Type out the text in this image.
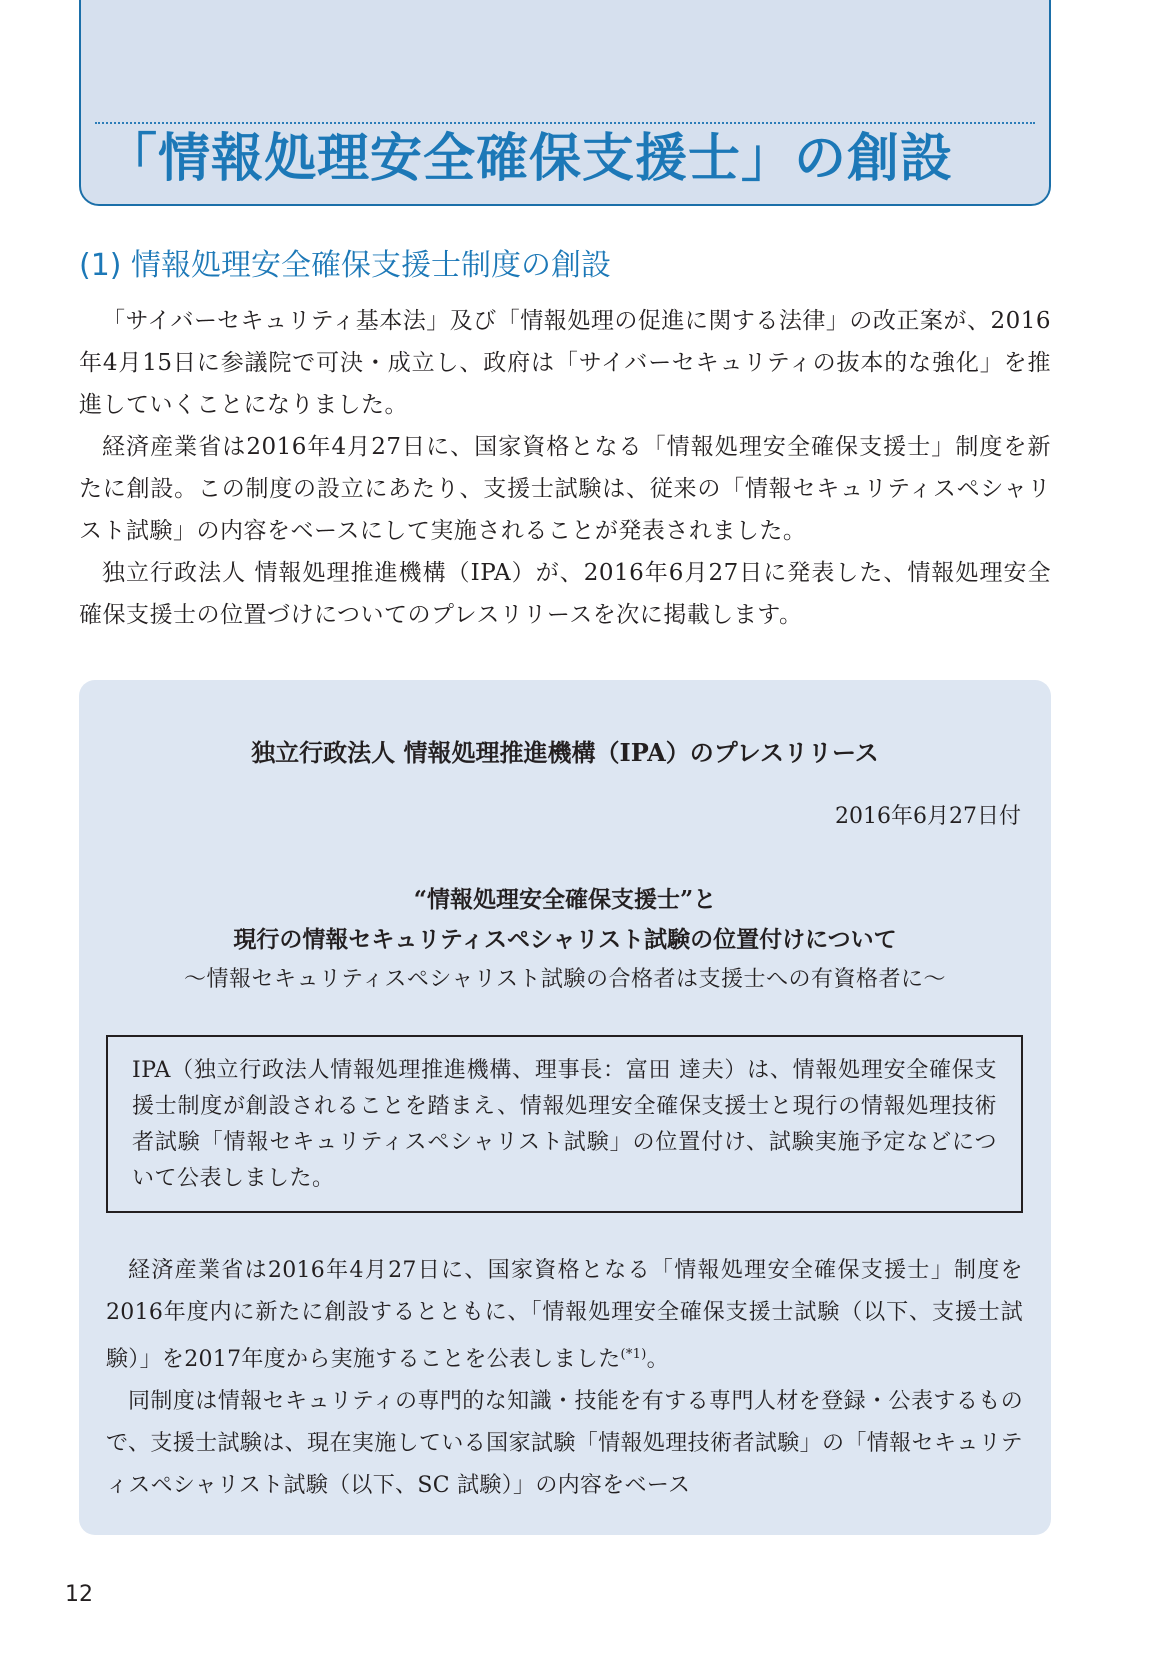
「情報処理安全確保支援士」の創設
(1) 情報処理安全確保支援士制度の創設

「サイバーセキュリティ基本法」及び「情報処理の促進に関する法律」の改正案が、2016年4月15日に参議院で可決・成立し、政府は「サイバーセキュリティの抜本的な強化」を推進していくことになりました。

経済産業省は2016年4月27日に、国家資格となる「情報処理安全確保支援士」制度を新たに創設。この制度の設立にあたり、支援士試験は、従来の「情報セキュリティスペシャリスト試験」の内容をベースにして実施されることが発表されました。

独立行政法人 情報処理推進機構（IPA）が、2016年6月27日に発表した、情報処理安全確保支援士の位置づけについてのプレスリリースを次に掲載します。

独立行政法人 情報処理推進機構（IPA）のプレスリリース
2016年6月27日付
“情報処理安全確保支援士”と
現行の情報セキュリティスペシャリスト試験の位置付けについて
～情報セキュリティスペシャリスト試験の合格者は支援士への有資格者に～

IPA（独立行政法人情報処理推進機構、理事長：富田 達夫）は、情報処理安全確保支援士制度が創設されることを踏まえ、情報処理安全確保支援士と現行の情報処理技術者試験「情報セキュリティスペシャリスト試験」の位置付け、試験実施予定などについて公表しました。

経済産業省は2016年4月27日に、国家資格となる「情報処理安全確保支援士」制度を2016年度内に新たに創設するとともに、「情報処理安全確保支援士試験（以下、支援士試験）」を2017年度から実施することを公表しました$^{(*1)}$。

同制度は情報セキュリティの専門的な知識・技能を有する専門人材を登録・公表するもので、支援士試験は、現在実施している国家試験「情報処理技術者試験」の「情報セキュリティスペシャリスト試験（以下、SC 試験）」の内容をベース

12
